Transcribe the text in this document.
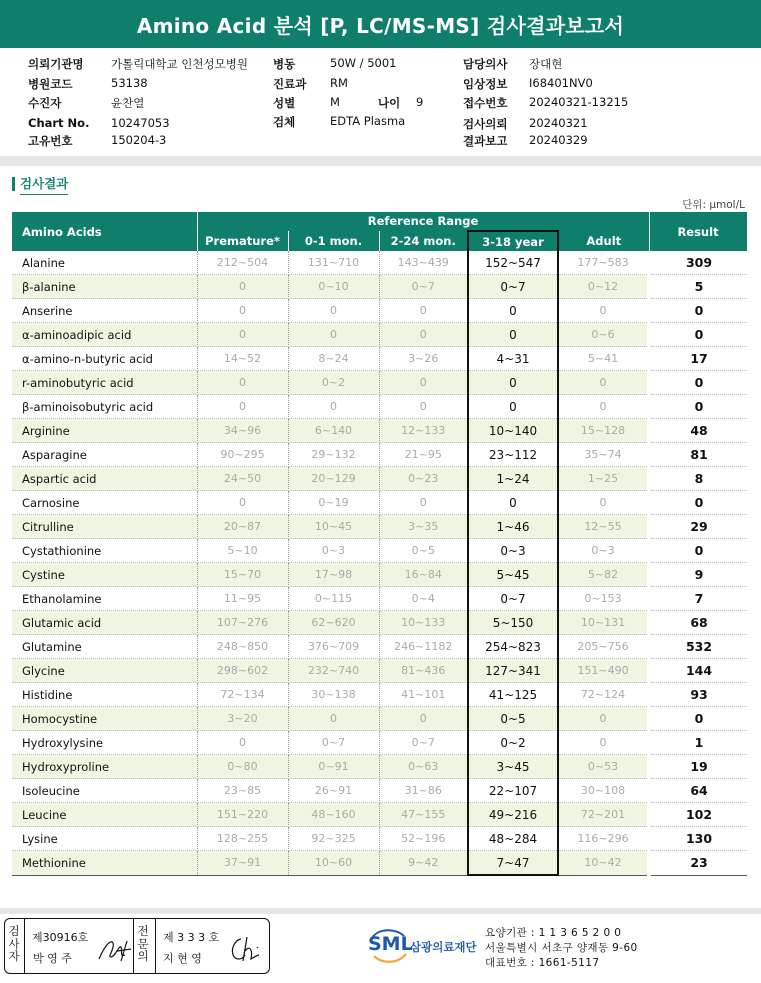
Amino Acid 분석 [P, LC/MS-MS] 검사결과보고서
의뢰기관명 가톨릭대학교 인천성모병원
병원코드	53138
수진자	윤찬열
Chart No. 10247053
고유번호	150204-3
병동	50W / 5001
진료과 RM
성별	M	나이 9
검체	EDTA Plasma
담당의사 장대현
임상정보 I68401NV0
접수번호 20240321-13215
검사의뢰 20240321
결과보고 20240329
검사결과
단위: μmol/L
Amino Acids	Reference Range					Result
	Premature*	0-1 mon.	2-24 mon.	3-18 year	Adult	
Alanine	212~504	131~710	143~439	152~547	177~583	309
β-alanine	0	0~10	0~7	0~7	0~12	5
Anserine	0	0	0	0	0	0
α-aminoadipic acid	0	0	0	0	0~6	0
α-amino-n-butyric acid	14~52	8~24	3~26	4~31	5~41	17
r-aminobutyric acid	0	0~2	0	0	0	0
β-aminoisobutyric acid	0	0	0	0	0	0
Arginine	34~96	6~140	12~133	10~140	15~128	48
Asparagine	90~295	29~132	21~95	23~112	35~74	81
Aspartic acid	24~50	20~129	0~23	1~24	1~25	8
Carnosine	0	0~19	0	0	0	0
Citrulline	20~87	10~45	3~35	1~46	12~55	29
Cystathionine	5~10	0~3	0~5	0~3	0~3	0
Cystine	15~70	17~98	16~84	5~45	5~82	9
Ethanolamine	11~95	0~115	0~4	0~7	0~153	7
Glutamic acid	107~276	62~620	10~133	5~150	10~131	68
Glutamine	248~850	376~709	246~1182	254~823	205~756	532
Glycine	298~602	232~740	81~436	127~341	151~490	144
Histidine	72~134	30~138	41~101	41~125	72~124	93
Homocystine	3~20	0	0	0~5	0	0
Hydroxylysine	0	0~7	0~7	0~2	0	1
Hydroxyproline	0~80	0~91	0~63	3~45	0~53	19
Isoleucine	23~85	26~91	31~86	22~107	30~108	64
Leucine	151~220	48~160	47~155	49~216	72~201	102
Lysine	128~255	92~325	52~196	48~284	116~296	130
Methionine	37~91	10~60	9~42	7~47	10~42	23
검
사
자
제30916호
박 영 주
전
문
의
제 3 3 3 호
지 현 영
SML
삼광의료재단
요양기관 : 1 1 3 6 5 2 0 0
서울특별시 서초구 양재동 9-60
대표번호 : 1661-5117
